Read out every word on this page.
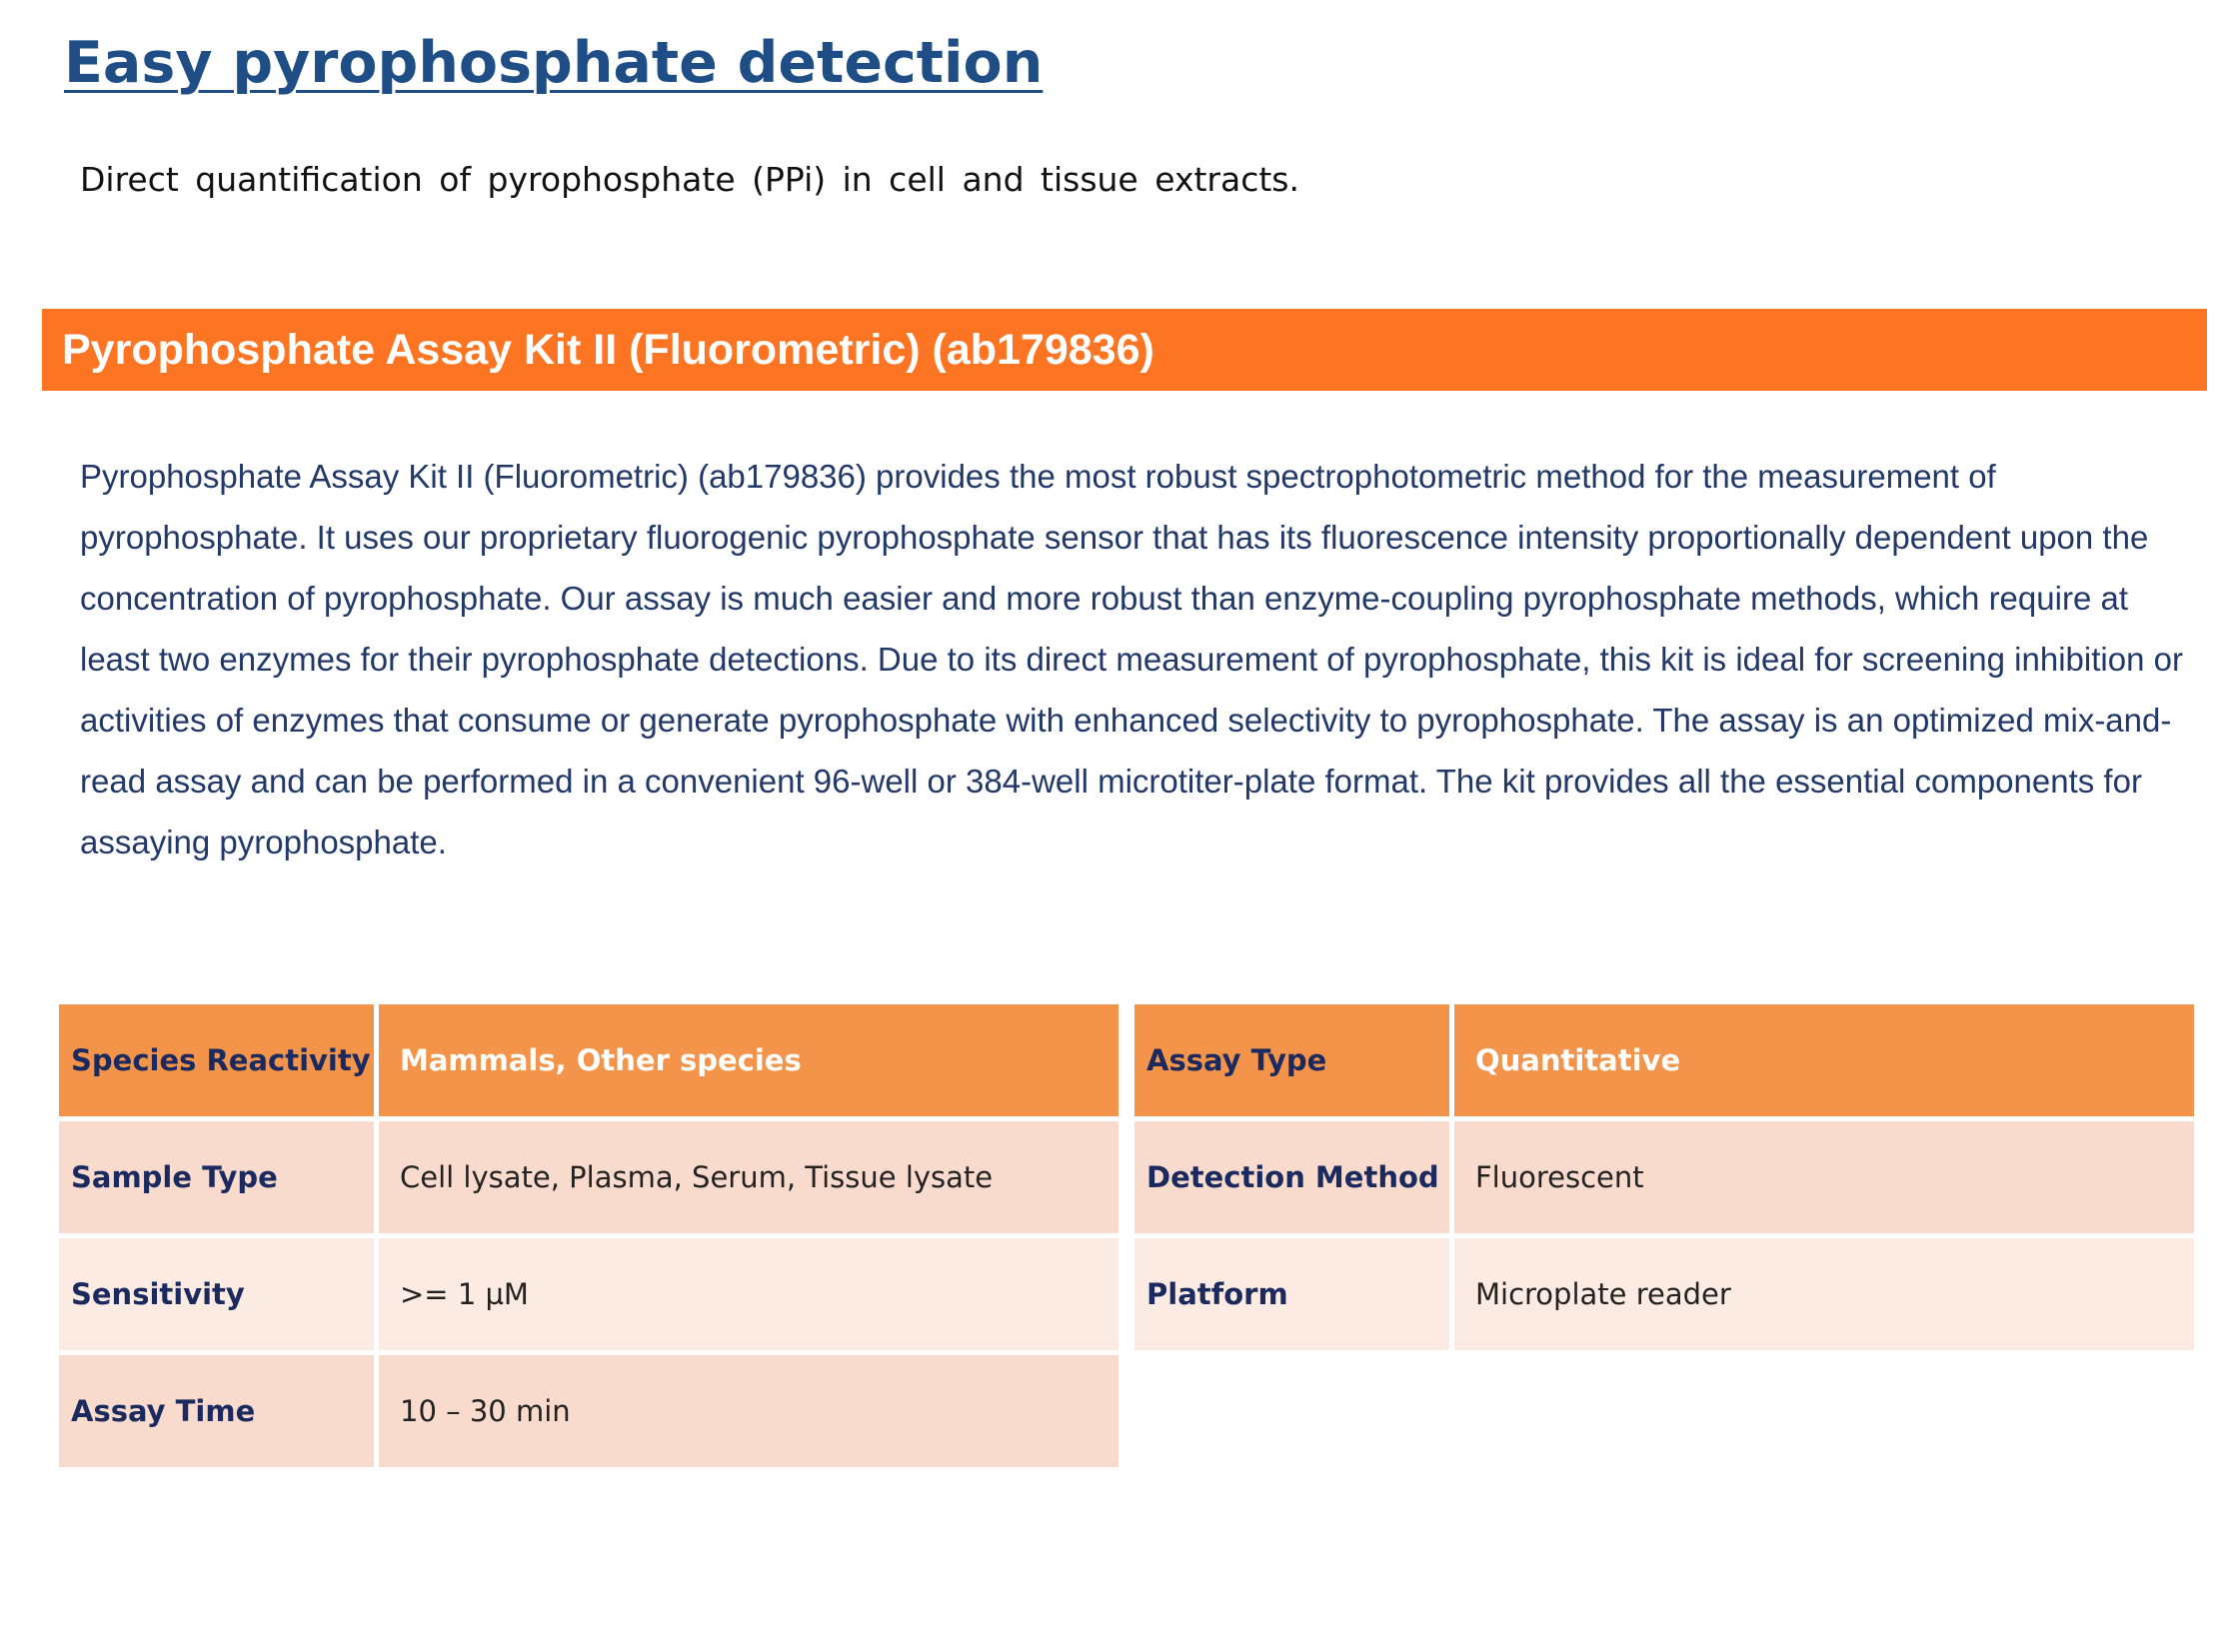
Easy pyrophosphate detection

Direct quantification of pyrophosphate (PPi) in cell and tissue extracts.

Pyrophosphate Assay Kit II (Fluorometric) (ab179836)

Pyrophosphate Assay Kit II (Fluorometric) (ab179836) provides the most robust spectrophotometric method for the measurement of pyrophosphate. It uses our proprietary fluorogenic pyrophosphate sensor that has its fluorescence intensity proportionally dependent upon the concentration of pyrophosphate. Our assay is much easier and more robust than enzyme-coupling pyrophosphate methods, which require at least two enzymes for their pyrophosphate detections. Due to its direct measurement of pyrophosphate, this kit is ideal for screening inhibition or activities of enzymes that consume or generate pyrophosphate with enhanced selectivity to pyrophosphate. The assay is an optimized mix-and-read assay and can be performed in a convenient 96-well or 384-well microtiter-plate format. The kit provides all the essential components for assaying pyrophosphate.

Species Reactivity	Mammals, Other species
Sample Type	Cell lysate, Plasma, Serum, Tissue lysate
Sensitivity	>= 1 µM
Assay Time	10 – 30 min
Assay Type	Quantitative
Detection Method	Fluorescent
Platform	Microplate reader
